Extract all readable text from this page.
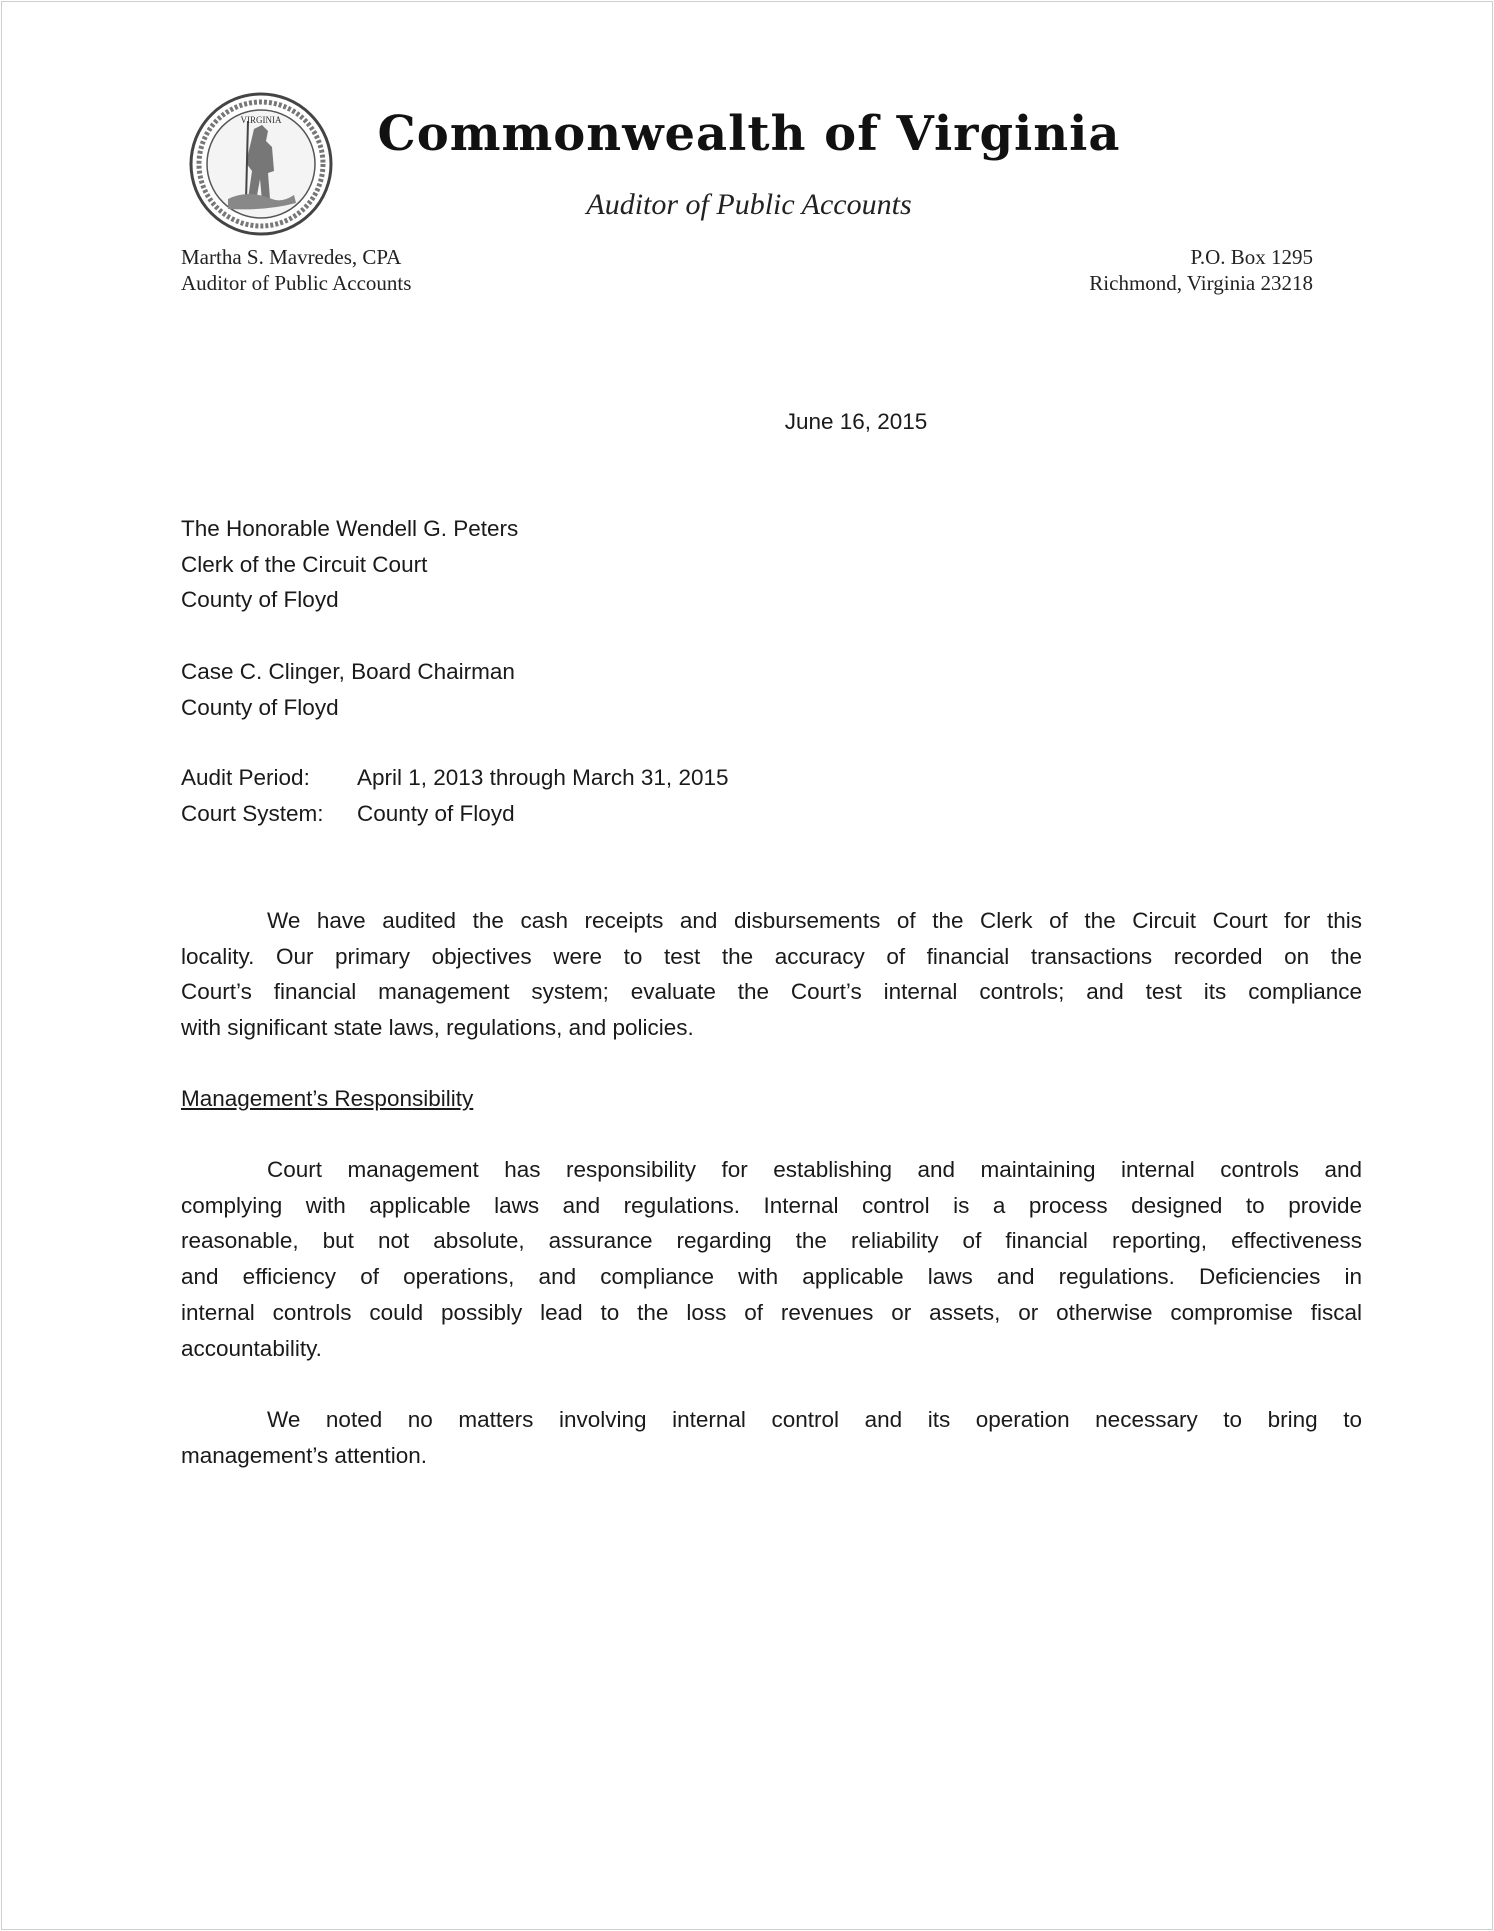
VIRGINIA	Commonwealth of Virginia
Auditor of Public Accounts
Martha S. Mavredes, CPA
Auditor of Public Accounts
P.O. Box 1295
Richmond, Virginia 23218
June 16, 2015
The Honorable Wendell G. Peters
Clerk of the Circuit Court
County of Floyd
Case C. Clinger, Board Chairman
County of Floyd
Audit Period: April 1, 2013 through March 31, 2015
Court System: County of Floyd
We have audited the cash receipts and disbursements of the Clerk of the Circuit Court for this
locality. Our primary objectives were to test the accuracy of financial transactions recorded on the
Court’s financial management system; evaluate the Court’s internal controls; and test its compliance
with significant state laws, regulations, and policies.
Management’s Responsibility
Court management has responsibility for establishing and maintaining internal controls and
complying with applicable laws and regulations. Internal control is a process designed to provide
reasonable, but not absolute, assurance regarding the reliability of financial reporting, effectiveness
and efficiency of operations, and compliance with applicable laws and regulations. Deficiencies in
internal controls could possibly lead to the loss of revenues or assets, or otherwise compromise fiscal
accountability.
We noted no matters involving internal control and its operation necessary to bring to
management’s attention.
